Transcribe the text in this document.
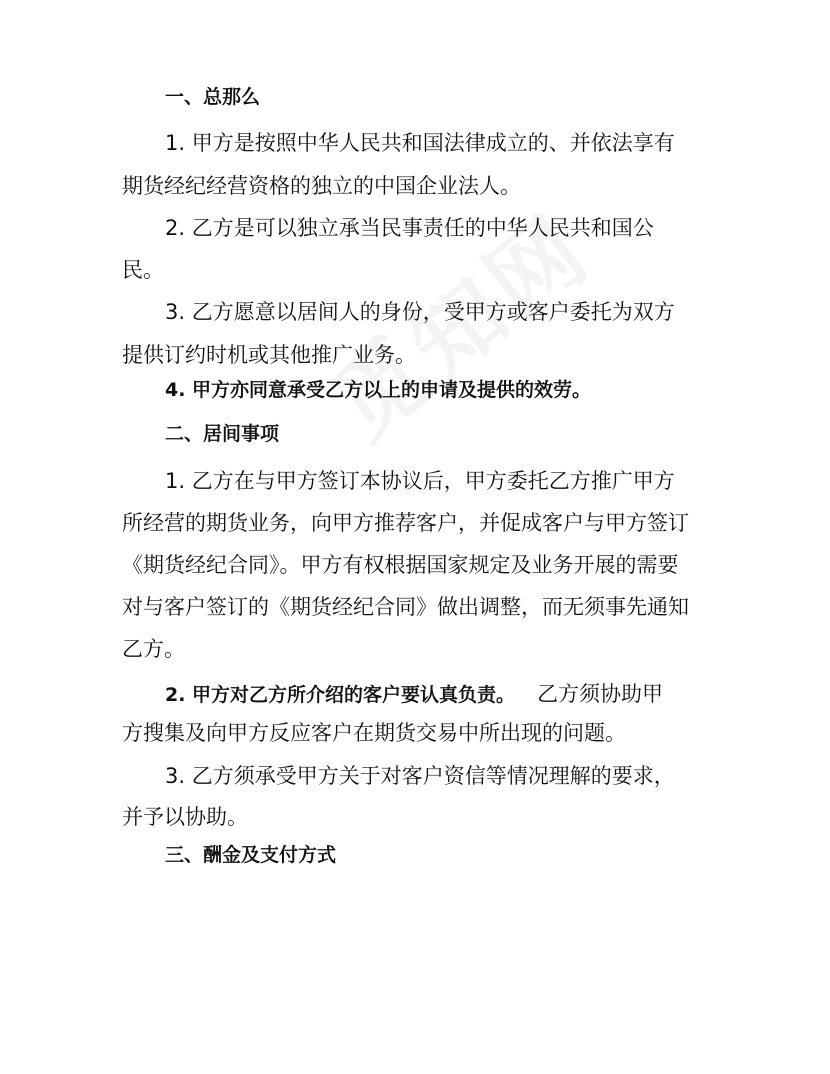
一、总那么
1. 甲方是按照中华人民共和国法律成立的、并依法享有
期货经纪经营资格的独立的中国企业法人。
2. 乙方是可以独立承当民事责任的中华人民共和国公
民。
3. 乙方愿意以居间人的身份，受甲方或客户委托为双方
提供订约时机或其他推广业务。
4. 甲方亦同意承受乙方以上的申请及提供的效劳。
二、居间事项
1. 乙方在与甲方签订本协议后，甲方委托乙方推广甲方
所经营的期货业务，向甲方推荐客户，并促成客户与甲方签订
《期货经纪合同》。甲方有权根据国家规定及业务开展的需要
对与客户签订的《期货经纪合同》做出调整，而无须事先通知
乙方。
2. 甲方对乙方所介绍的客户要认真负责。 乙方须协助甲
方搜集及向甲方反应客户在期货交易中所出现的问题。
3. 乙方须承受甲方关于对客户资信等情况理解的要求，
并予以协助。
三、酬金及支付方式
